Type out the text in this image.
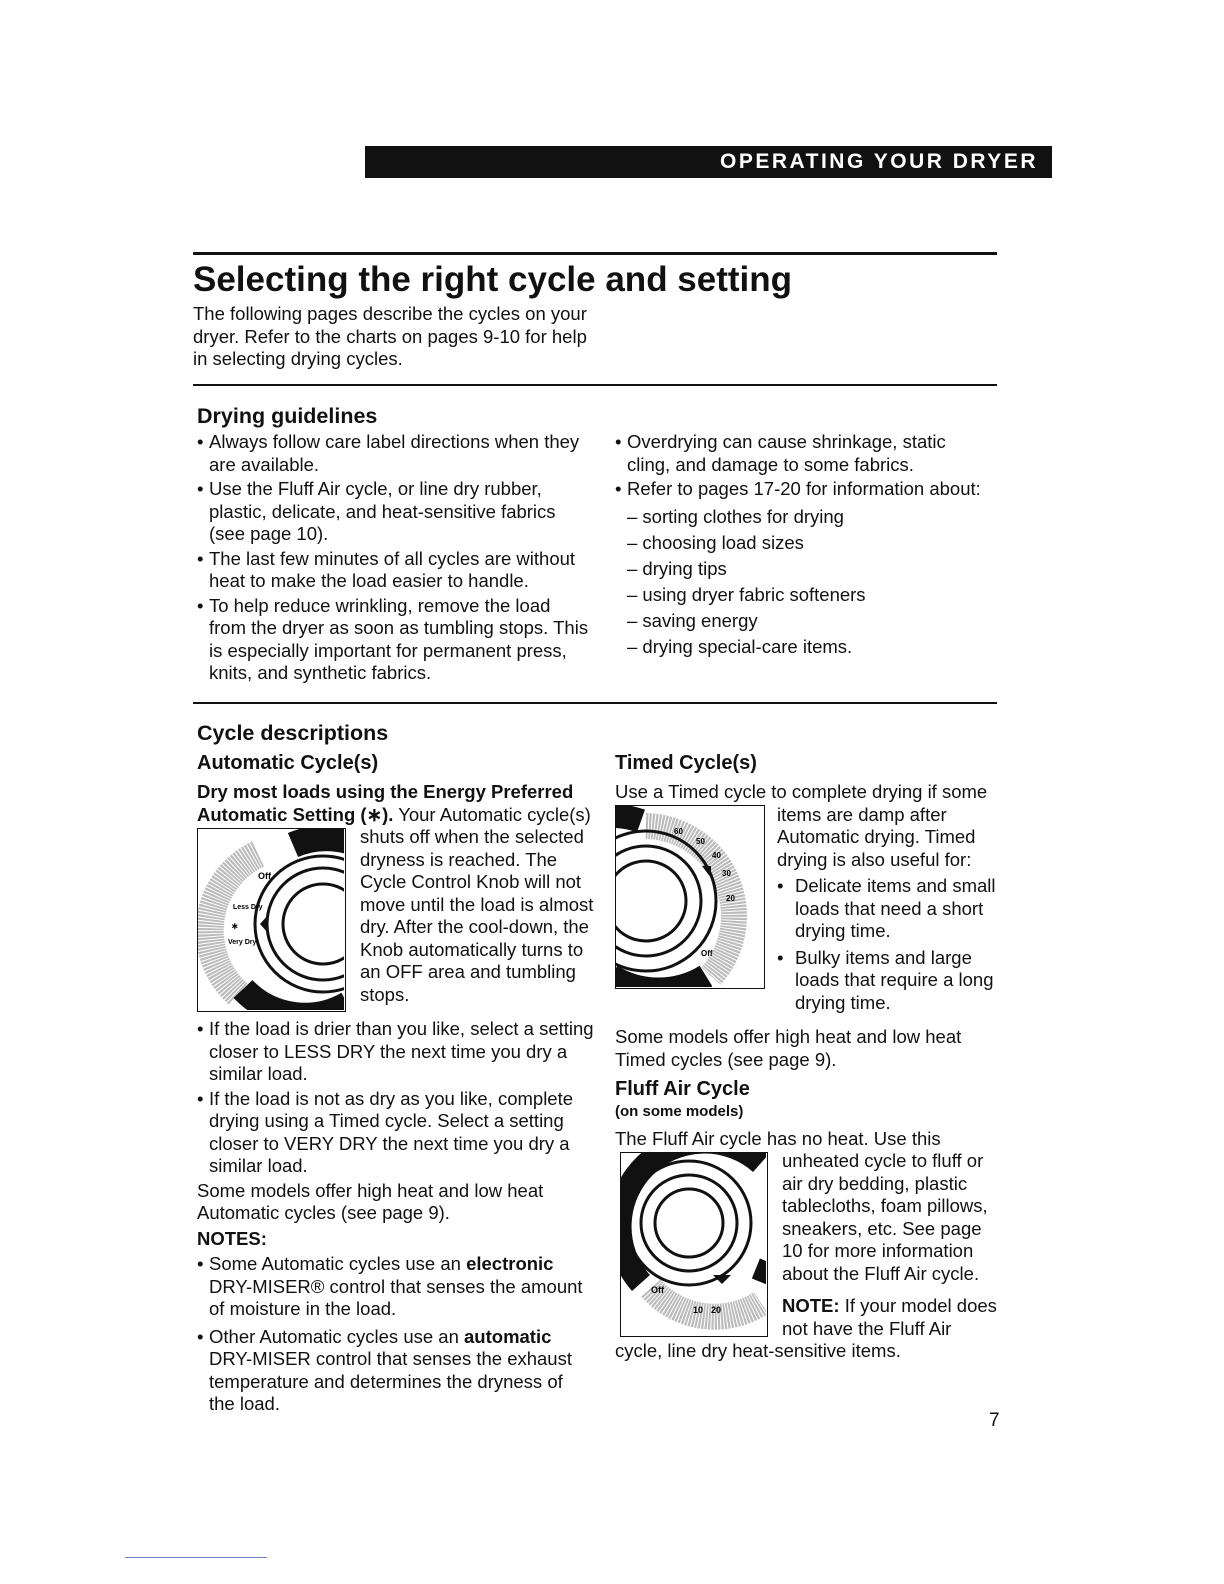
OPERATING YOUR DRYER
Selecting the right cycle and setting

The following pages describe the cycles on your dryer. Refer to the charts on pages 9-10 for help in selecting drying cycles.

Drying guidelines
• Always follow care label directions when they are available.
• Use the Fluff Air cycle, or line dry rubber, plastic, delicate, and heat-sensitive fabrics (see page 10).
• The last few minutes of all cycles are without heat to make the load easier to handle.
• To help reduce wrinkling, remove the load from the dryer as soon as tumbling stops. This is especially important for permanent press, knits, and synthetic fabrics.
• Overdrying can cause shrinkage, static cling, and damage to some fabrics.
• Refer to pages 17-20 for information about:
– sorting clothes for drying
– choosing load sizes
– drying tips
– using dryer fabric softeners
– saving energy
– drying special-care items.
Cycle descriptions
Automatic Cycle(s)
Off
Less Dry
∗
Very Dry

Dry most loads using the Energy Preferred Automatic Setting (∗). Your Automatic cycle(s) shuts off when the selected dryness is reached. The Cycle Control Knob will not move until the load is almost dry. After the cool-down, the Knob automatically turns to an OFF area and tumbling stops.

• If the load is drier than you like, select a setting closer to LESS DRY the next time you dry a similar load.
• If the load is not as dry as you like, complete drying using a Timed cycle. Select a setting closer to VERY DRY the next time you dry a similar load.

Some models offer high heat and low heat Automatic cycles (see page 9).

NOTES:

• Some Automatic cycles use an electronic DRY-MISER® control that senses the amount of moisture in the load.
• Other Automatic cycles use an automatic DRY-MISER control that senses the exhaust temperature and determines the dryness of the load.
Timed Cycle(s)
60
50
40
30
20
Off

Use a Timed cycle to complete drying if some items are damp after Automatic drying. Timed drying is also useful for:

• Delicate items and small loads that need a short drying time.
• Bulky items and large loads that require a long drying time.

Some models offer high heat and low heat Timed cycles (see page 9).

Fluff Air Cycle
(on some models)
Off
10 20

The Fluff Air cycle has no heat. Use this unheated cycle to fluff or air dry bedding, plastic tablecloths, foam pillows, sneakers, etc. See page 10 for more information about the Fluff Air cycle.

NOTE: If your model does not have the Fluff Air cycle, line dry heat-sensitive items.

7
